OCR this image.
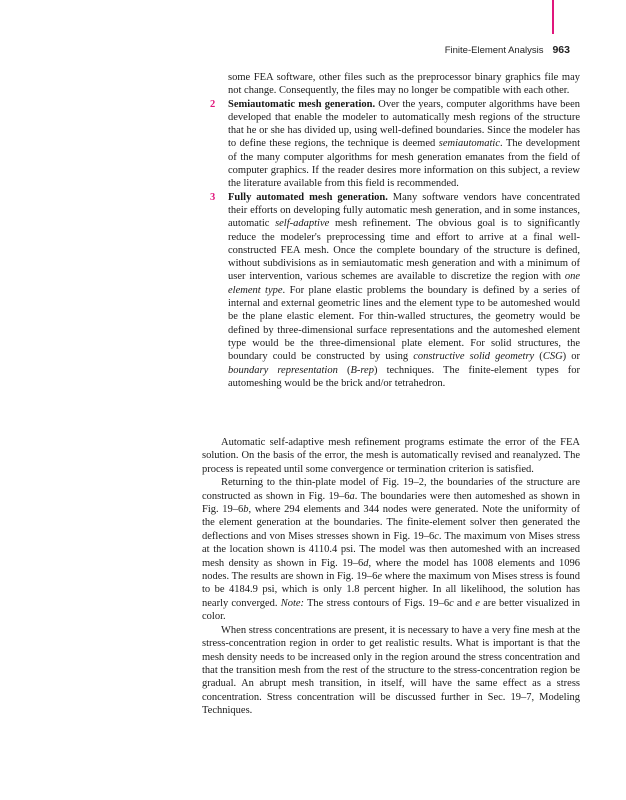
Finite-Element Analysis 963

some FEA software, other files such as the preprocessor binary graphics file may not change. Consequently, the files may no longer be compatible with each other.

2 Semiautomatic mesh generation. Over the years, computer algorithms have been developed that enable the modeler to automatically mesh regions of the structure that he or she has divided up, using well-defined boundaries. Since the modeler has to define these regions, the technique is deemed semiautomatic. The development of the many computer algorithms for mesh generation emanates from the field of computer graphics. If the reader desires more information on this subject, a review the literature available from this field is recommended.

3 Fully automated mesh generation. Many software vendors have concentrated their efforts on developing fully automatic mesh generation, and in some instances, automatic self-adaptive mesh refinement. The obvious goal is to significantly reduce the modeler's preprocessing time and effort to arrive at a final well-constructed FEA mesh. Once the complete boundary of the structure is defined, without subdivisions as in semiautomatic mesh generation and with a minimum of user intervention, various schemes are available to discretize the region with one element type. For plane elastic problems the boundary is defined by a series of internal and external geometric lines and the element type to be automeshed would be the plane elastic element. For thin-walled structures, the geometry would be defined by three-dimensional surface representations and the automeshed element type would be the three-dimensional plate element. For solid structures, the boundary could be constructed by using constructive solid geometry (CSG) or boundary representation (B-rep) techniques. The finite-element types for automeshing would be the brick and/or tetrahedron.

Automatic self-adaptive mesh refinement programs estimate the error of the FEA solution. On the basis of the error, the mesh is automatically revised and reanalyzed. The process is repeated until some convergence or termination criterion is satisfied.

Returning to the thin-plate model of Fig. 19–2, the boundaries of the structure are constructed as shown in Fig. 19–6a. The boundaries were then automeshed as shown in Fig. 19–6b, where 294 elements and 344 nodes were generated. Note the uniformity of the element generation at the boundaries. The finite-element solver then generated the deflections and von Mises stresses shown in Fig. 19–6c. The maximum von Mises stress at the location shown is 4110.4 psi. The model was then automeshed with an increased mesh density as shown in Fig. 19–6d, where the model has 1008 elements and 1096 nodes. The results are shown in Fig. 19–6e where the maximum von Mises stress is found to be 4184.9 psi, which is only 1.8 percent higher. In all likelihood, the solution has nearly converged. Note: The stress contours of Figs. 19–6c and e are better visualized in color.

When stress concentrations are present, it is necessary to have a very fine mesh at the stress-concentration region in order to get realistic results. What is important is that the mesh density needs to be increased only in the region around the stress concentration and that the transition mesh from the rest of the structure to the stress-concentration region be gradual. An abrupt mesh transition, in itself, will have the same effect as a stress concentration. Stress concentration will be discussed further in Sec. 19–7, Modeling Techniques.
